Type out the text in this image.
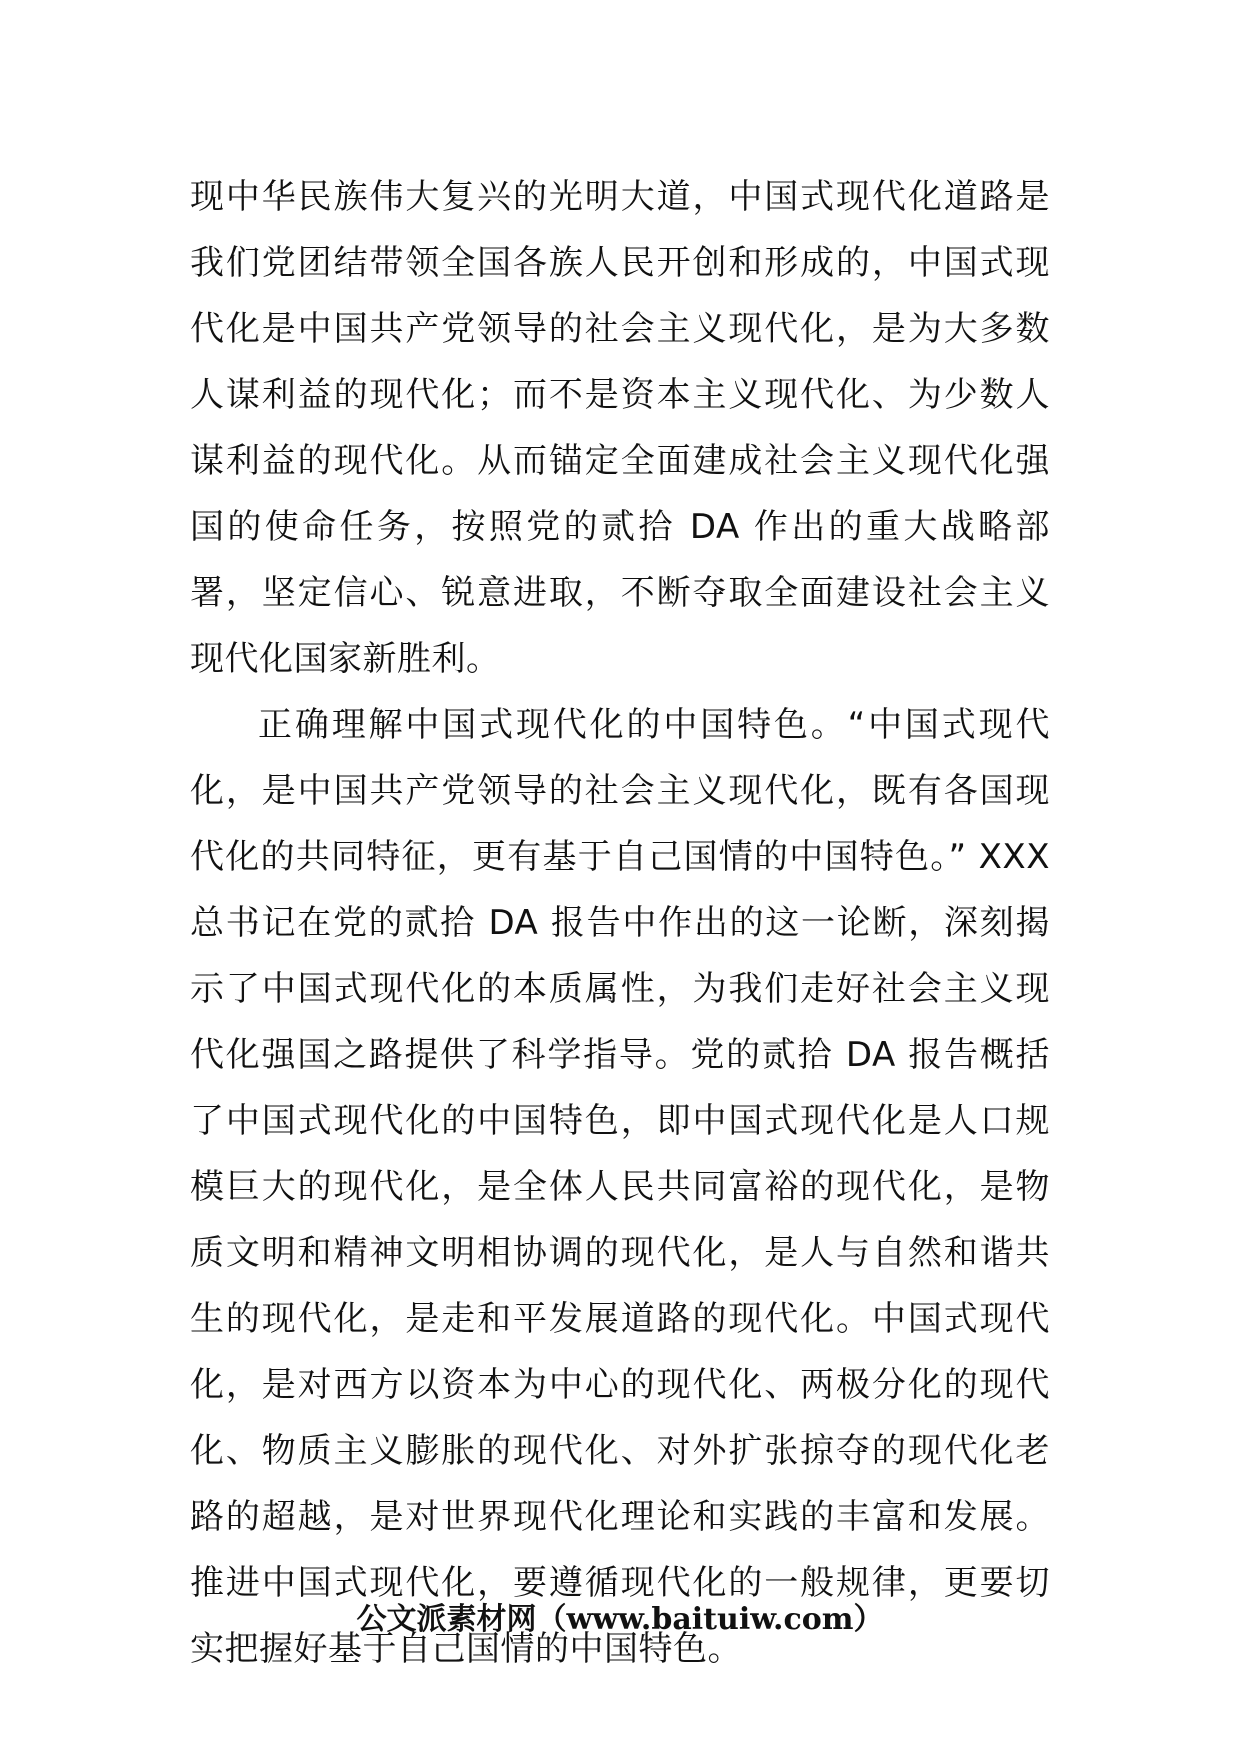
现中华民族伟大复兴的光明大道，中国式现代化道路是我们党团结带领全国各族人民开创和形成的，中国式现代化是中国共产党领导的社会主义现代化，是为大多数人谋利益的现代化；而不是资本主义现代化、为少数人谋利益的现代化。从而锚定全面建成社会主义现代化强国的使命任务，按照党的贰拾 DA 作出的重大战略部署，坚定信心、锐意进取，不断夺取全面建设社会主义现代化国家新胜利。

正确理解中国式现代化的中国特色。“中国式现代化，是中国共产党领导的社会主义现代化，既有各国现代化的共同特征，更有基于自己国情的中国特色。” XXX 总书记在党的贰拾 DA 报告中作出的这一论断，深刻揭示了中国式现代化的本质属性，为我们走好社会主义现代化强国之路提供了科学指导。党的贰拾 DA 报告概括了中国式现代化的中国特色，即中国式现代化是人口规模巨大的现代化，是全体人民共同富裕的现代化，是物质文明和精神文明相协调的现代化，是人与自然和谐共生的现代化，是走和平发展道路的现代化。中国式现代化，是对西方以资本为中心的现代化、两极分化的现代化、物质主义膨胀的现代化、对外扩张掠夺的现代化老路的超越，是对世界现代化理论和实践的丰富和发展。推进中国式现代化，要遵循现代化的一般规律，更要切实把握好基于自己国情的中国特色。

公文派素材网（www.baituiw.com）
